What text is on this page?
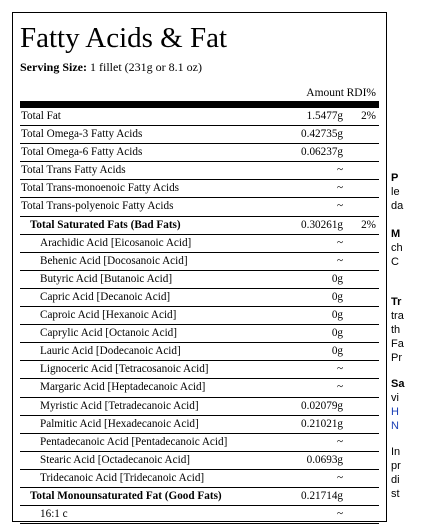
Fatty Acids & Fat
Serving Size: 1 fillet (231g or 8.1 oz)
Amount RDI%
Total Fat	1.5477g 2%
Total Omega-3 Fatty Acids	0.42735g
Total Omega-6 Fatty Acids	0.06237g
Total Trans Fatty Acids	~
Total Trans-monoenoic Fatty Acids	~
Total Trans-polyenoic Fatty Acids	~
Total Saturated Fats (Bad Fats)	0.30261g 2%
Arachidic Acid [Eicosanoic Acid]	~
Behenic Acid [Docosanoic Acid]	~
Butyric Acid [Butanoic Acid]	0g
Capric Acid [Decanoic Acid]	0g
Caproic Acid [Hexanoic Acid]	0g
Caprylic Acid [Octanoic Acid]	0g
Lauric Acid [Dodecanoic Acid]	0g
Lignoceric Acid [Tetracosanoic Acid]	~
Margaric Acid [Heptadecanoic Acid]	~
Myristic Acid [Tetradecanoic Acid]	0.02079g
Palmitic Acid [Hexadecanoic Acid]	0.21021g
Pentadecanoic Acid [Pentadecanoic Acid]	~
Stearic Acid [Octadecanoic Acid]	0.0693g
Tridecanoic Acid [Tridecanoic Acid]	~
Total Monounsaturated Fat (Good Fats)	0.21714g
16:1 c	~
P
le
da
M
ch
C
Tr
tra
th
Fa
Pr
Sa
vi
H
N
In
pr
di
st
